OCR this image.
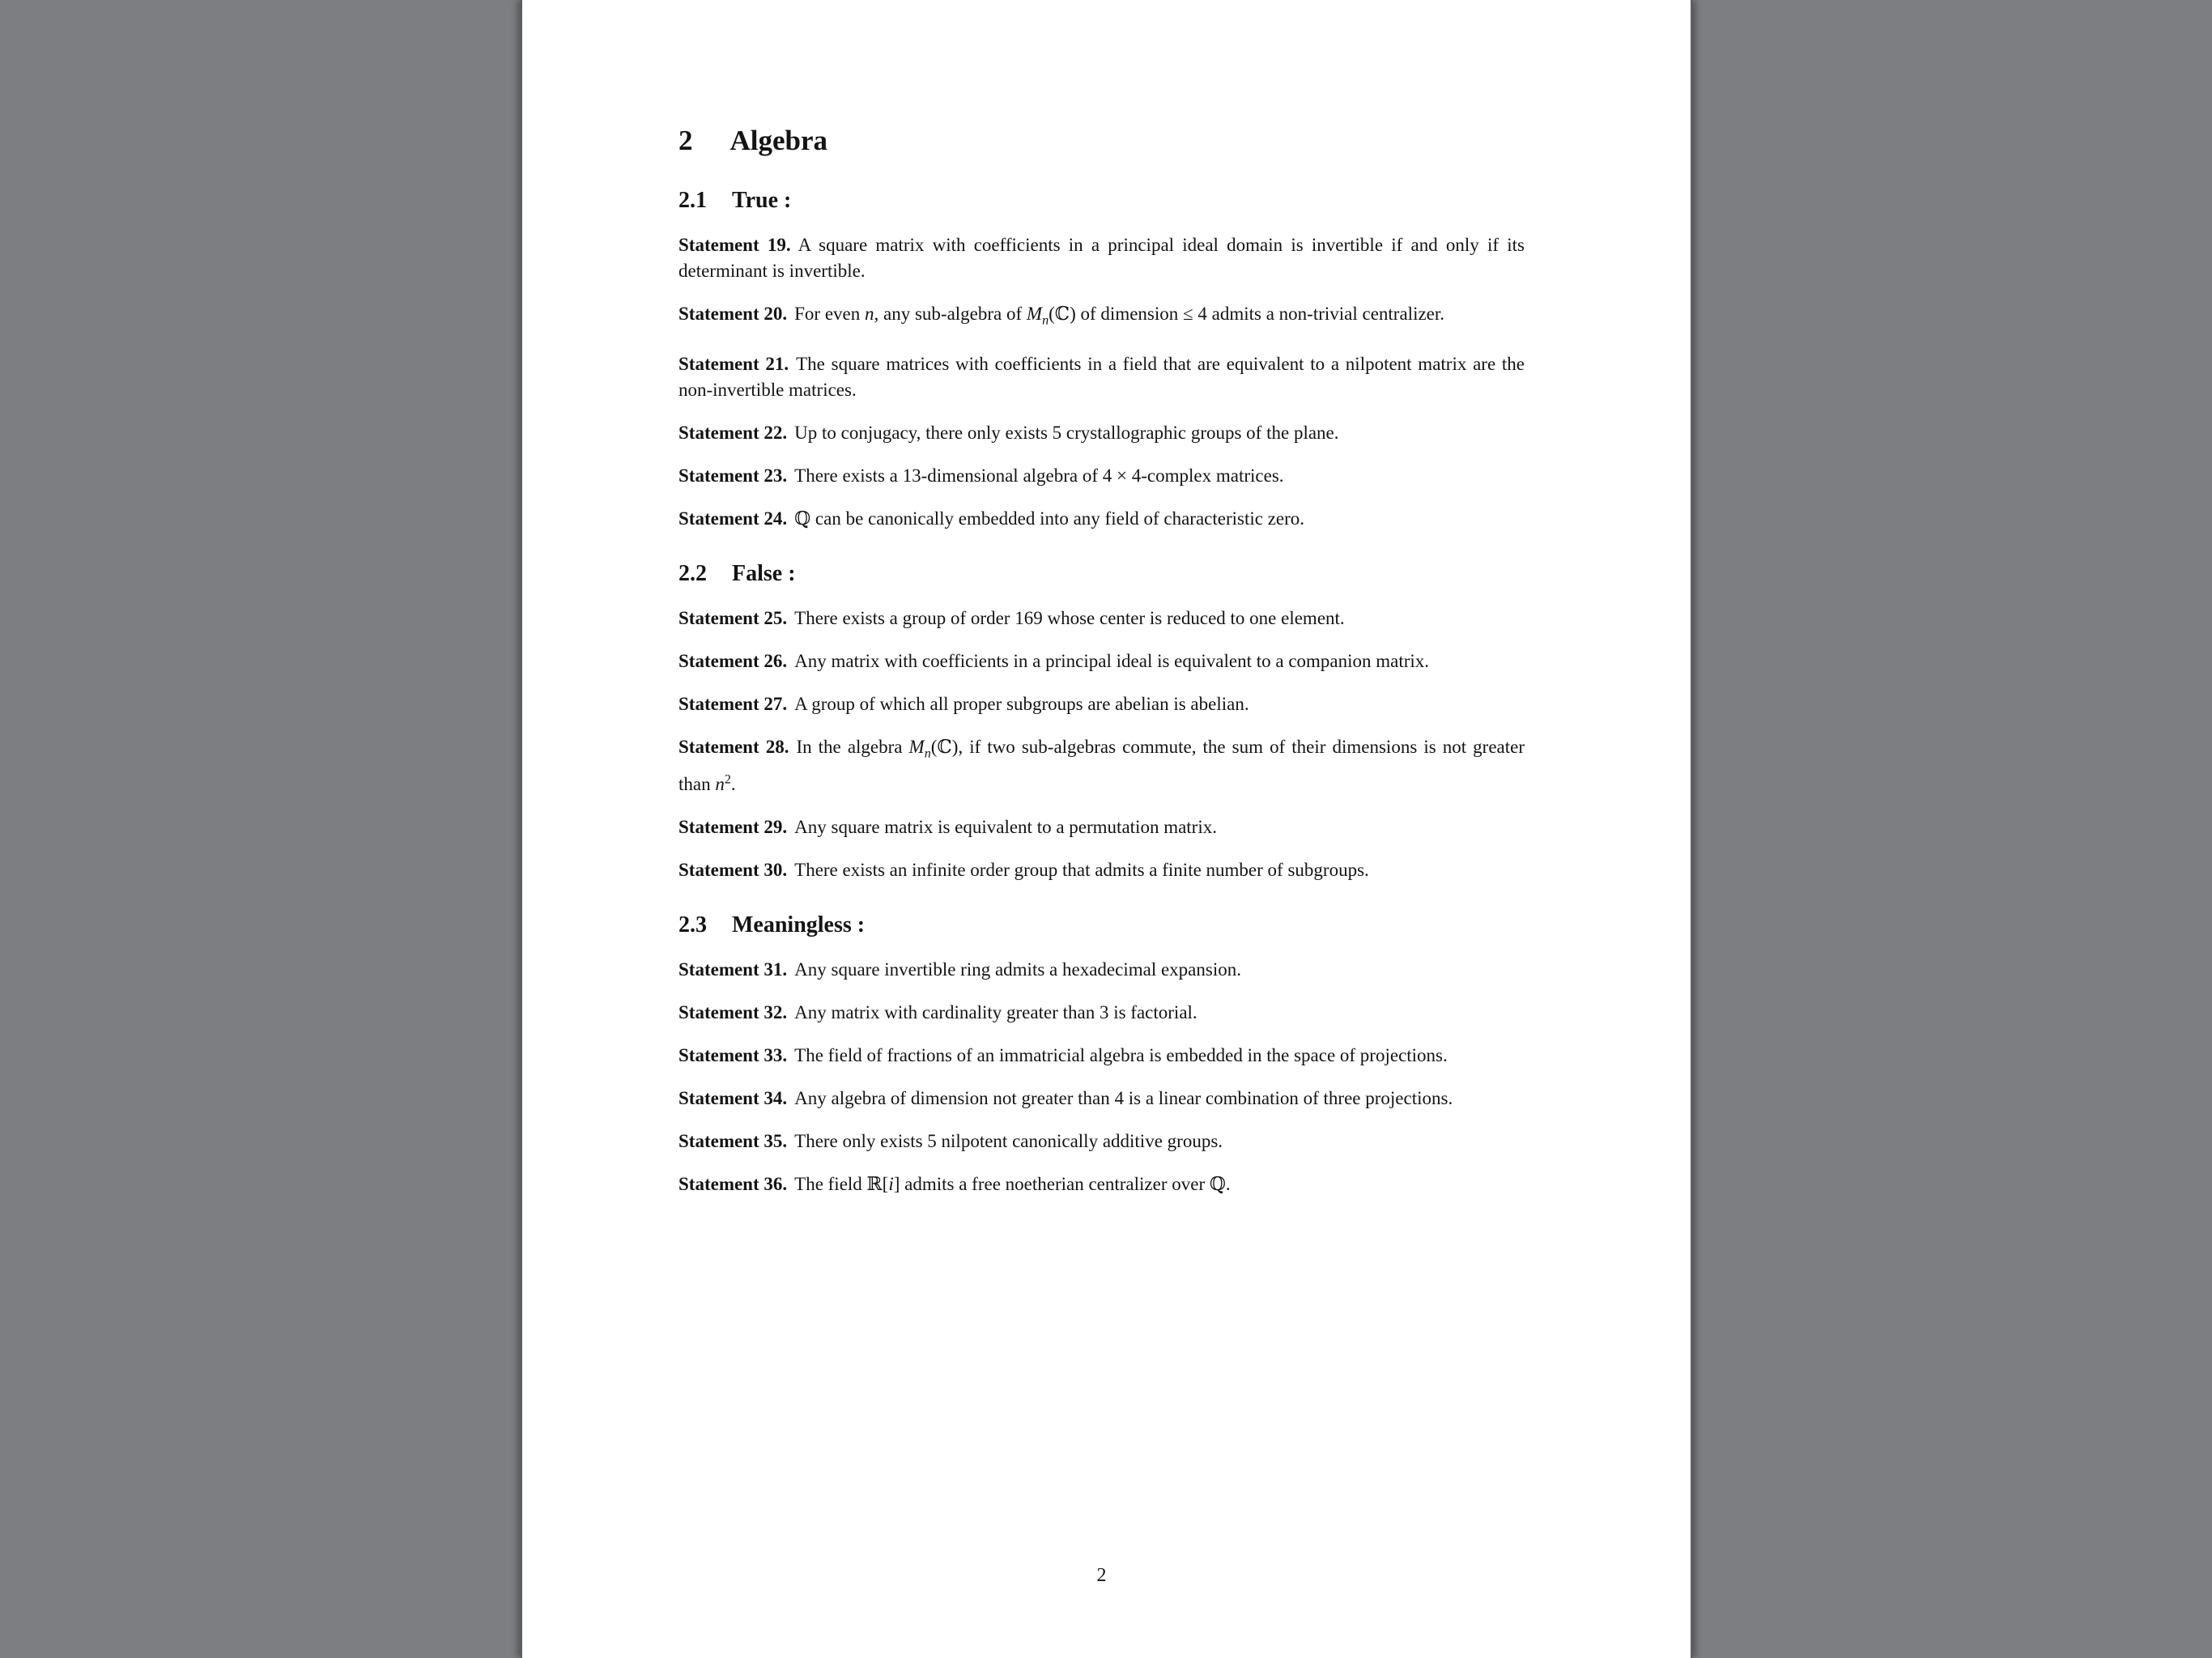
2 Algebra
2.1 True :

Statement 19. A square matrix with coefficients in a principal ideal domain is invertible if and only if its determinant is invertible.

Statement 20. For even n, any sub-algebra of $M_n(ℂ)$ of dimension ≤ 4 admits a non-trivial centralizer.

Statement 21. The square matrices with coefficients in a field that are equivalent to a nilpotent matrix are the non-invertible matrices.

Statement 22. Up to conjugacy, there only exists 5 crystallographic groups of the plane.

Statement 23. There exists a 13-dimensional algebra of 4 × 4-complex matrices.

Statement 24. ℚ can be canonically embedded into any field of characteristic zero.

2.2 False :

Statement 25. There exists a group of order 169 whose center is reduced to one element.

Statement 26. Any matrix with coefficients in a principal ideal is equivalent to a companion matrix.

Statement 27. A group of which all proper subgroups are abelian is abelian.

Statement 28. In the algebra $M_n(ℂ)$, if two sub-algebras commute, the sum of their dimensions is not greater than $n^2$.

Statement 29. Any square matrix is equivalent to a permutation matrix.

Statement 30. There exists an infinite order group that admits a finite number of subgroups.

2.3 Meaningless :

Statement 31. Any square invertible ring admits a hexadecimal expansion.

Statement 32. Any matrix with cardinality greater than 3 is factorial.

Statement 33. The field of fractions of an immatricial algebra is embedded in the space of projections.

Statement 34. Any algebra of dimension not greater than 4 is a linear combination of three projections.

Statement 35. There only exists 5 nilpotent canonically additive groups.

Statement 36. The field ℝ[i] admits a free noetherian centralizer over ℚ.

2
